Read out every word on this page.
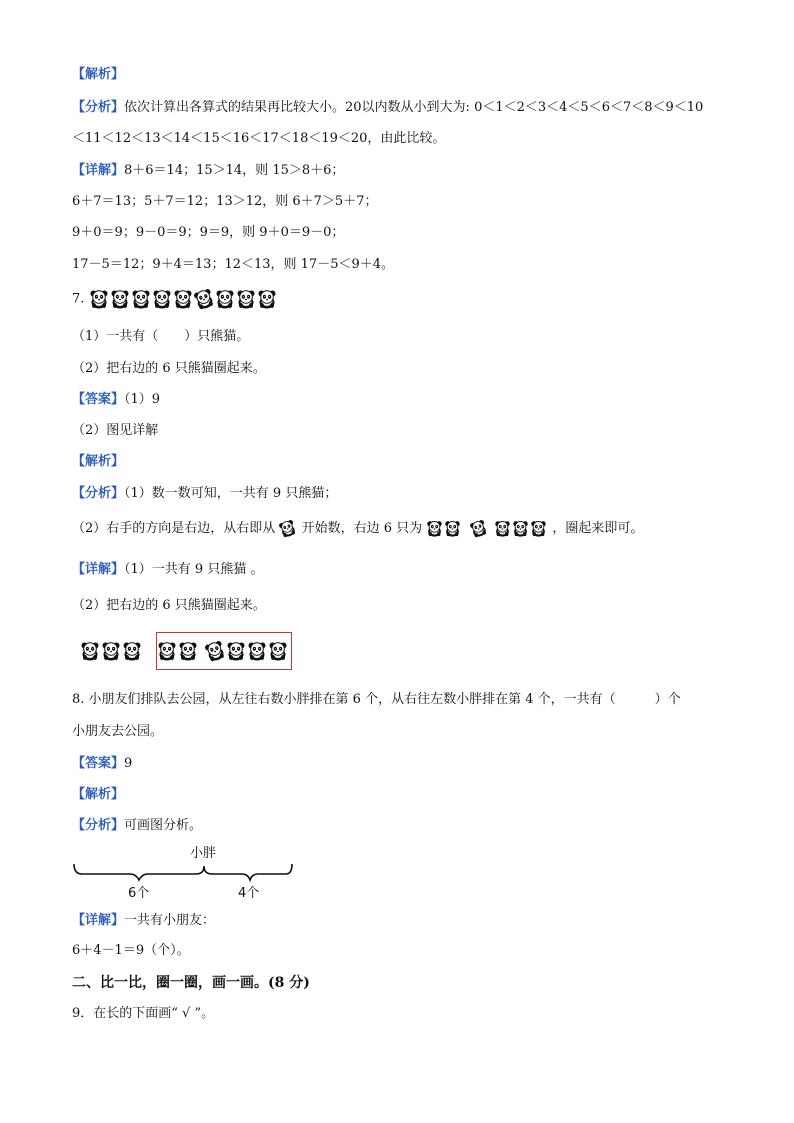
【解析】
【分析】依次计算出各算式的结果再比较大小。20以内数从小到大为: 0＜1＜2＜3＜4＜5＜6＜7＜8＜9＜10
＜11＜12＜13＜14＜15＜16＜17＜18＜19＜20，由此比较。
【详解】8＋6＝14；15＞14，则 15＞8＋6；
6＋7＝13；5＋7＝12；13＞12，则 6＋7＞5＋7；
9＋0＝9；9－0＝9；9＝9，则 9＋0＝9－0；
17－5＝12；9＋4＝13；12＜13，则 17－5＜9＋4。
7.
（1）一共有（　　）只熊猫。
（2）把右边的 6 只熊猫圈起来。
【答案】（1）9
（2）图见详解
【解析】
【分析】（1）数一数可知，一共有 9 只熊猫；
（2）右手的方向是右边，从右即从 开始数，右边 6 只为	，圈起来即可。
【详解】（1）一共有 9 只熊猫 。
（2）把右边的 6 只熊猫圈起来。
8. 小朋友们排队去公园，从左往右数小胖排在第 6 个，从右往左数小胖排在第 4 个，一共有（　　　）个
小朋友去公园。
【答案】9
【解析】
【分析】可画图分析。
小胖
6个	4个
【详解】一共有小朋友：
6＋4－1＝9（个）。
二、比一比，圈一圈，画一画。(8 分)
9．在长的下面画“ √ ”。
